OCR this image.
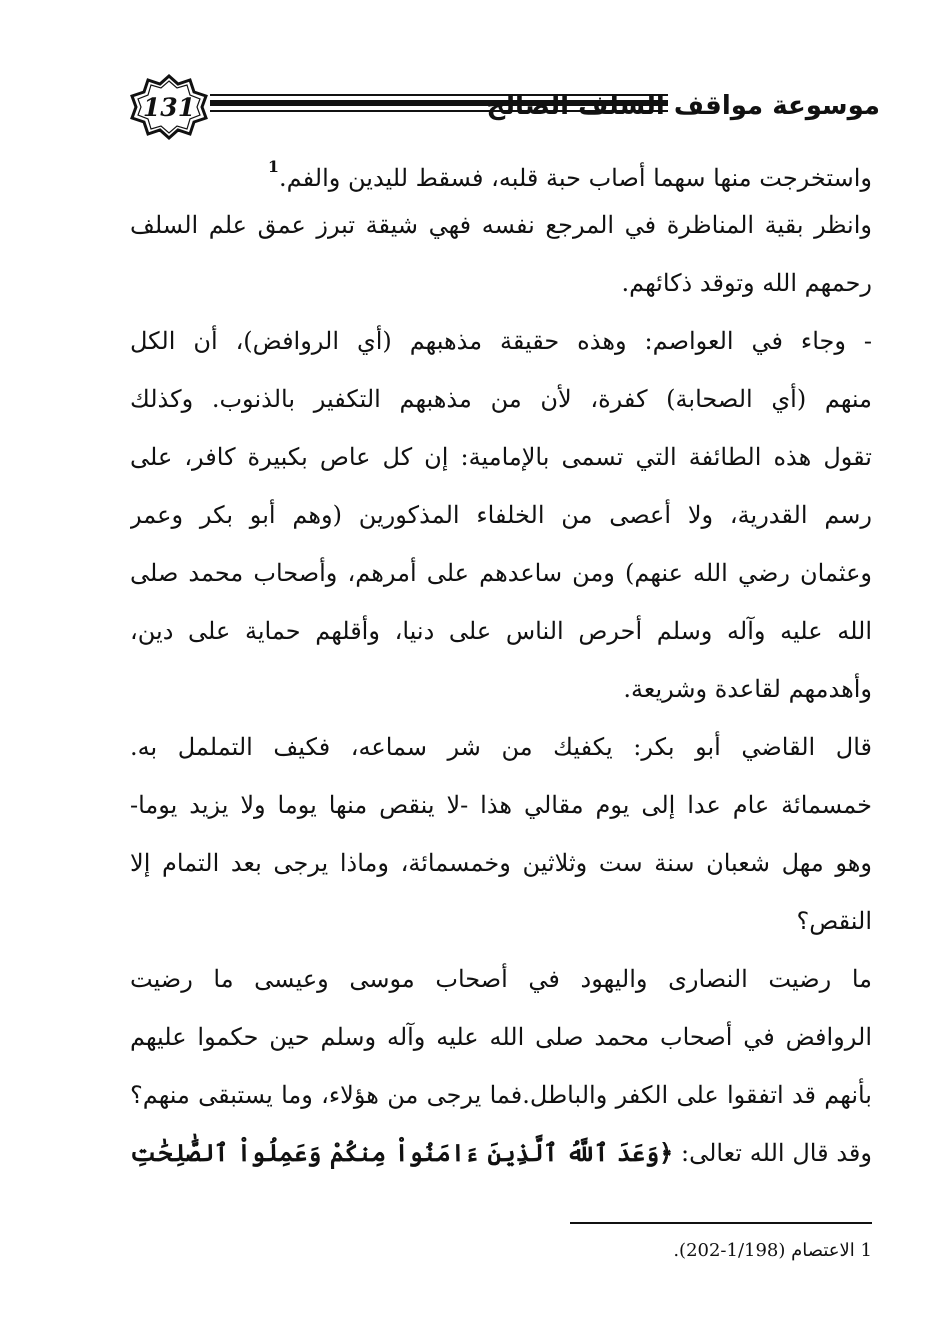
131	موسوعة مواقف السلف الصالح
واستخرجت منها سهما أصاب حبة قلبه، فسقط لليدين والفم.$^1$
وانظر بقية المناظرة في المرجع نفسه فهي شيقة تبرز عمق علم السلف
رحمهم الله وتوقد ذكائهم.
- وجاء في العواصم: وهذه حقيقة مذهبهم (أي الروافض)، أن الكل
منهم (أي الصحابة) كفرة، لأن من مذهبهم التكفير بالذنوب. وكذلك
تقول هذه الطائفة التي تسمى بالإمامية: إن كل عاص بكبيرة كافر، على
رسم القدرية، ولا أعصى من الخلفاء المذكورين (وهم أبو بكر وعمر
وعثمان رضي الله عنهم) ومن ساعدهم على أمرهم، وأصحاب محمد صلى
الله عليه وآله وسلم أحرص الناس على دنيا، وأقلهم حماية على دين،
وأهدمهم لقاعدة وشريعة.
قال القاضي أبو بكر: يكفيك من شر سماعه، فكيف التململ به.
خمسمائة عام عدا إلى يوم مقالي هذا -لا ينقص منها يوما ولا يزيد يوما-
وهو مهل شعبان سنة ست وثلاثين وخمسمائة، وماذا يرجى بعد التمام إلا
النقص؟
ما رضيت النصارى واليهود في أصحاب موسى وعيسى ما رضيت
الروافض في أصحاب محمد صلى الله عليه وآله وسلم حين حكموا عليهم
بأنهم قد اتفقوا على الكفر والباطل.فما يرجى من هؤلاء، وما يستبقى منهم؟
وقد قال الله تعالى: ﴿وَعَدَ ٱللَّهُ ٱلَّذِينَ ءَامَنُواْ مِنكُمْ وَعَمِلُواْ ٱلصَّٰلِحَٰتِ
1 الاعتصام (1/198-202).
